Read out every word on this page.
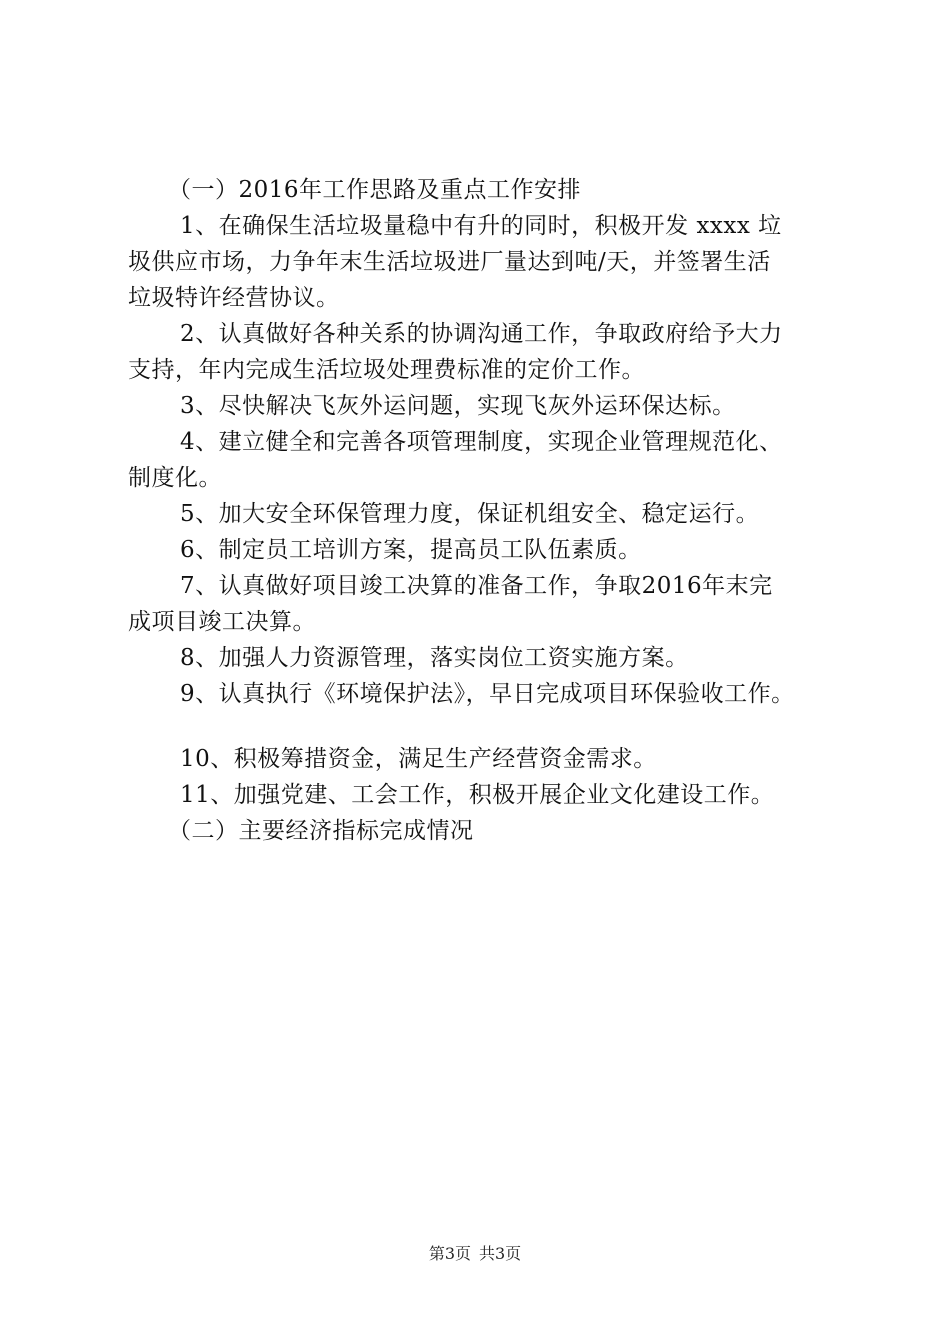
（一）2016年工作思路及重点工作安排
1、在确保生活垃圾量稳中有升的同时，积极开发 xxxx 垃
圾供应市场，力争年末生活垃圾进厂量达到吨/天，并签署生活
垃圾特许经营协议。
2、认真做好各种关系的协调沟通工作，争取政府给予大力
支持，年内完成生活垃圾处理费标准的定价工作。
3、尽快解决飞灰外运问题，实现飞灰外运环保达标。
4、建立健全和完善各项管理制度，实现企业管理规范化、
制度化。
5、加大安全环保管理力度，保证机组安全、稳定运行。
6、制定员工培训方案，提高员工队伍素质。
7、认真做好项目竣工决算的准备工作，争取2016年末完
成项目竣工决算。
8、加强人力资源管理，落实岗位工资实施方案。
9、认真执行《环境保护法》，早日完成项目环保验收工作。
10、积极筹措资金，满足生产经营资金需求。
11、加强党建、工会工作，积极开展企业文化建设工作。
（二）主要经济指标完成情况
第3页 共3页
